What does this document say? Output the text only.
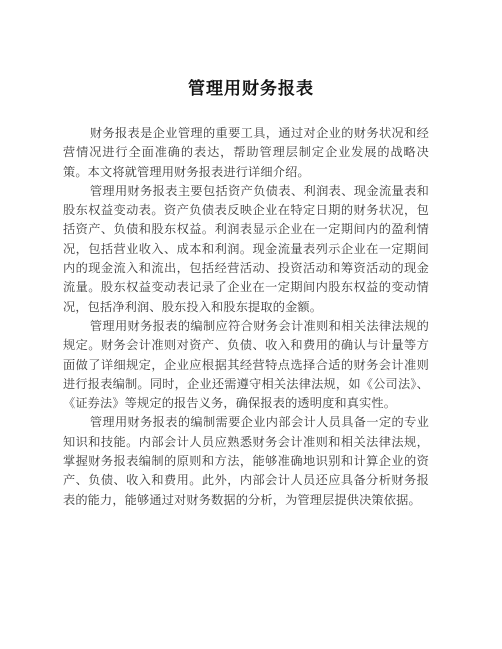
管理用财务报表

财务报表是企业管理的重要工具，通过对企业的财务状况和经营情况进行全面准确的表达，帮助管理层制定企业发展的战略决策。本文将就管理用财务报表进行详细介绍。

管理用财务报表主要包括资产负债表、利润表、现金流量表和股东权益变动表。资产负债表反映企业在特定日期的财务状况，包括资产、负债和股东权益。利润表显示企业在一定期间内的盈利情况，包括营业收入、成本和利润。现金流量表列示企业在一定期间内的现金流入和流出，包括经营活动、投资活动和筹资活动的现金流量。股东权益变动表记录了企业在一定期间内股东权益的变动情况，包括净利润、股东投入和股东提取的金额。

管理用财务报表的编制应符合财务会计准则和相关法律法规的规定。财务会计准则对资产、负债、收入和费用的确认与计量等方面做了详细规定，企业应根据其经营特点选择合适的财务会计准则进行报表编制。同时，企业还需遵守相关法律法规，如《公司法》、《证券法》等规定的报告义务，确保报表的透明度和真实性。

管理用财务报表的编制需要企业内部会计人员具备一定的专业知识和技能。内部会计人员应熟悉财务会计准则和相关法律法规，掌握财务报表编制的原则和方法，能够准确地识别和计算企业的资产、负债、收入和费用。此外，内部会计人员还应具备分析财务报表的能力，能够通过对财务数据的分析，为管理层提供决策依据。
